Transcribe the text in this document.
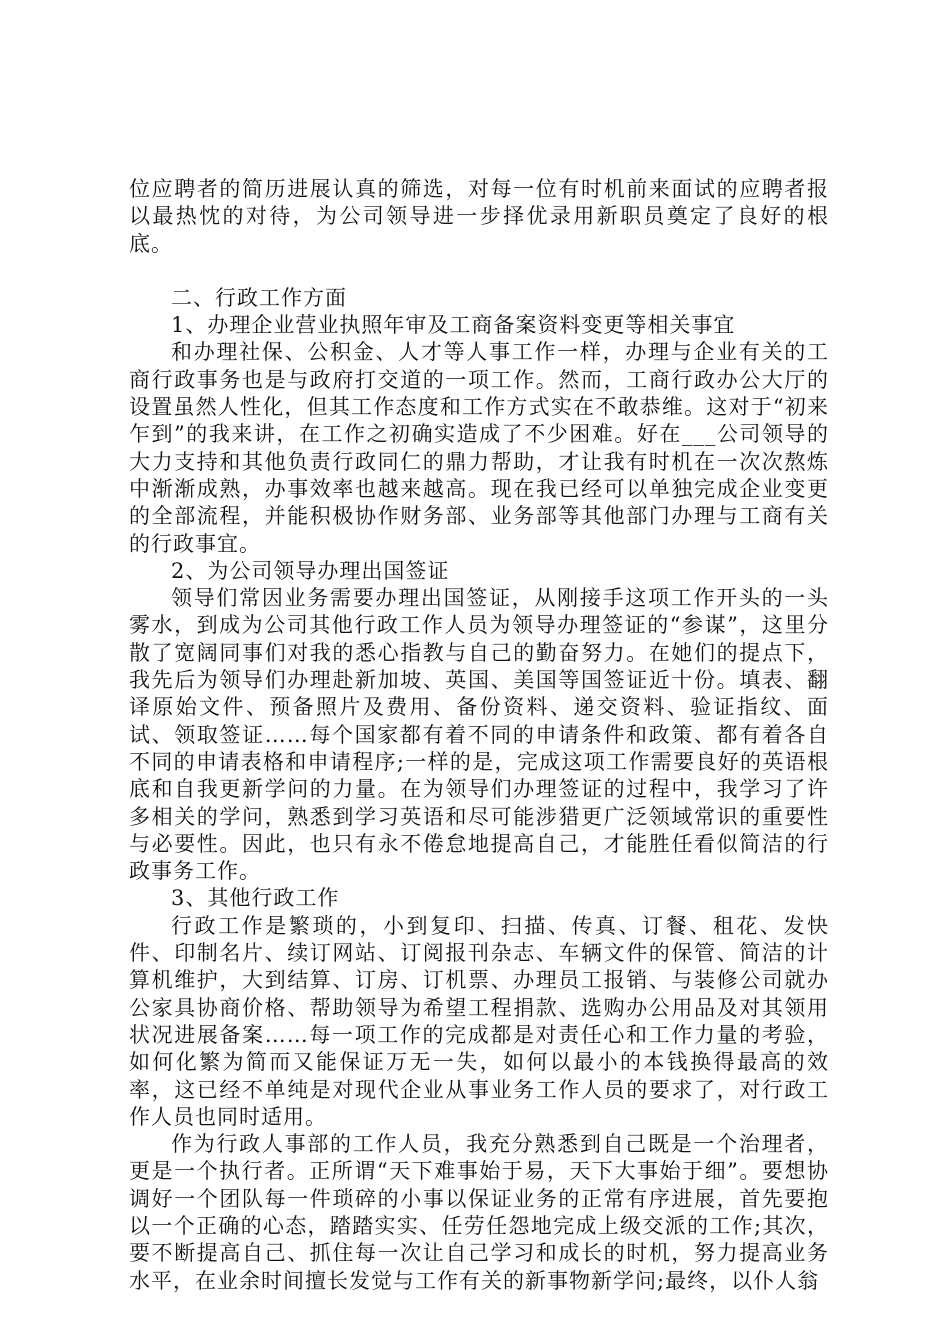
位应聘者的简历进展认真的筛选，对每一位有时机前来面试的应聘者报以最热忱的对待，为公司领导进一步择优录用新职员奠定了良好的根底。

二、行政工作方面

1、办理企业营业执照年审及工商备案资料变更等相关事宜

和办理社保、公积金、人才等人事工作一样，办理与企业有关的工商行政事务也是与政府打交道的一项工作。然而，工商行政办公大厅的设置虽然人性化，但其工作态度和工作方式实在不敢恭维。这对于“初来乍到”的我来讲，在工作之初确实造成了不少困难。好在___公司领导的大力支持和其他负责行政同仁的鼎力帮助，才让我有时机在一次次熬炼中渐渐成熟，办事效率也越来越高。现在我已经可以单独完成企业变更的全部流程，并能积极协作财务部、业务部等其他部门办理与工商有关的行政事宜。

2、为公司领导办理出国签证

领导们常因业务需要办理出国签证，从刚接手这项工作开头的一头雾水，到成为公司其他行政工作人员为领导办理签证的“参谋”，这里分散了宽阔同事们对我的悉心指教与自己的勤奋努力。在她们的提点下，我先后为领导们办理赴新加坡、英国、美国等国签证近十份。填表、翻译原始文件、预备照片及费用、备份资料、递交资料、验证指纹、面试、领取签证……每个国家都有着不同的申请条件和政策、都有着各自不同的申请表格和申请程序;一样的是，完成这项工作需要良好的英语根底和自我更新学问的力量。在为领导们办理签证的过程中，我学习了许多相关的学问，熟悉到学习英语和尽可能涉猎更广泛领域常识的重要性与必要性。因此，也只有永不倦怠地提高自己，才能胜任看似简洁的行政事务工作。

3、其他行政工作

行政工作是繁琐的，小到复印、扫描、传真、订餐、租花、发快件、印制名片、续订网站、订阅报刊杂志、车辆文件的保管、简洁的计算机维护，大到结算、订房、订机票、办理员工报销、与装修公司就办公家具协商价格、帮助领导为希望工程捐款、选购办公用品及对其领用状况进展备案……每一项工作的完成都是对责任心和工作力量的考验，如何化繁为简而又能保证万无一失，如何以最小的本钱换得最高的效率，这已经不单纯是对现代企业从事业务工作人员的要求了，对行政工作人员也同时适用。

作为行政人事部的工作人员，我充分熟悉到自己既是一个治理者，更是一个执行者。正所谓“天下难事始于易，天下大事始于细”。要想协调好一个团队每一件琐碎的小事以保证业务的正常有序进展，首先要抱以一个正确的心态，踏踏实实、任劳任怨地完成上级交派的工作;其次，要不断提高自己、抓住每一次让自己学习和成长的时机，努力提高业务水平，在业余时间擅长发觉与工作有关的新事物新学问;最终，以仆人翁
